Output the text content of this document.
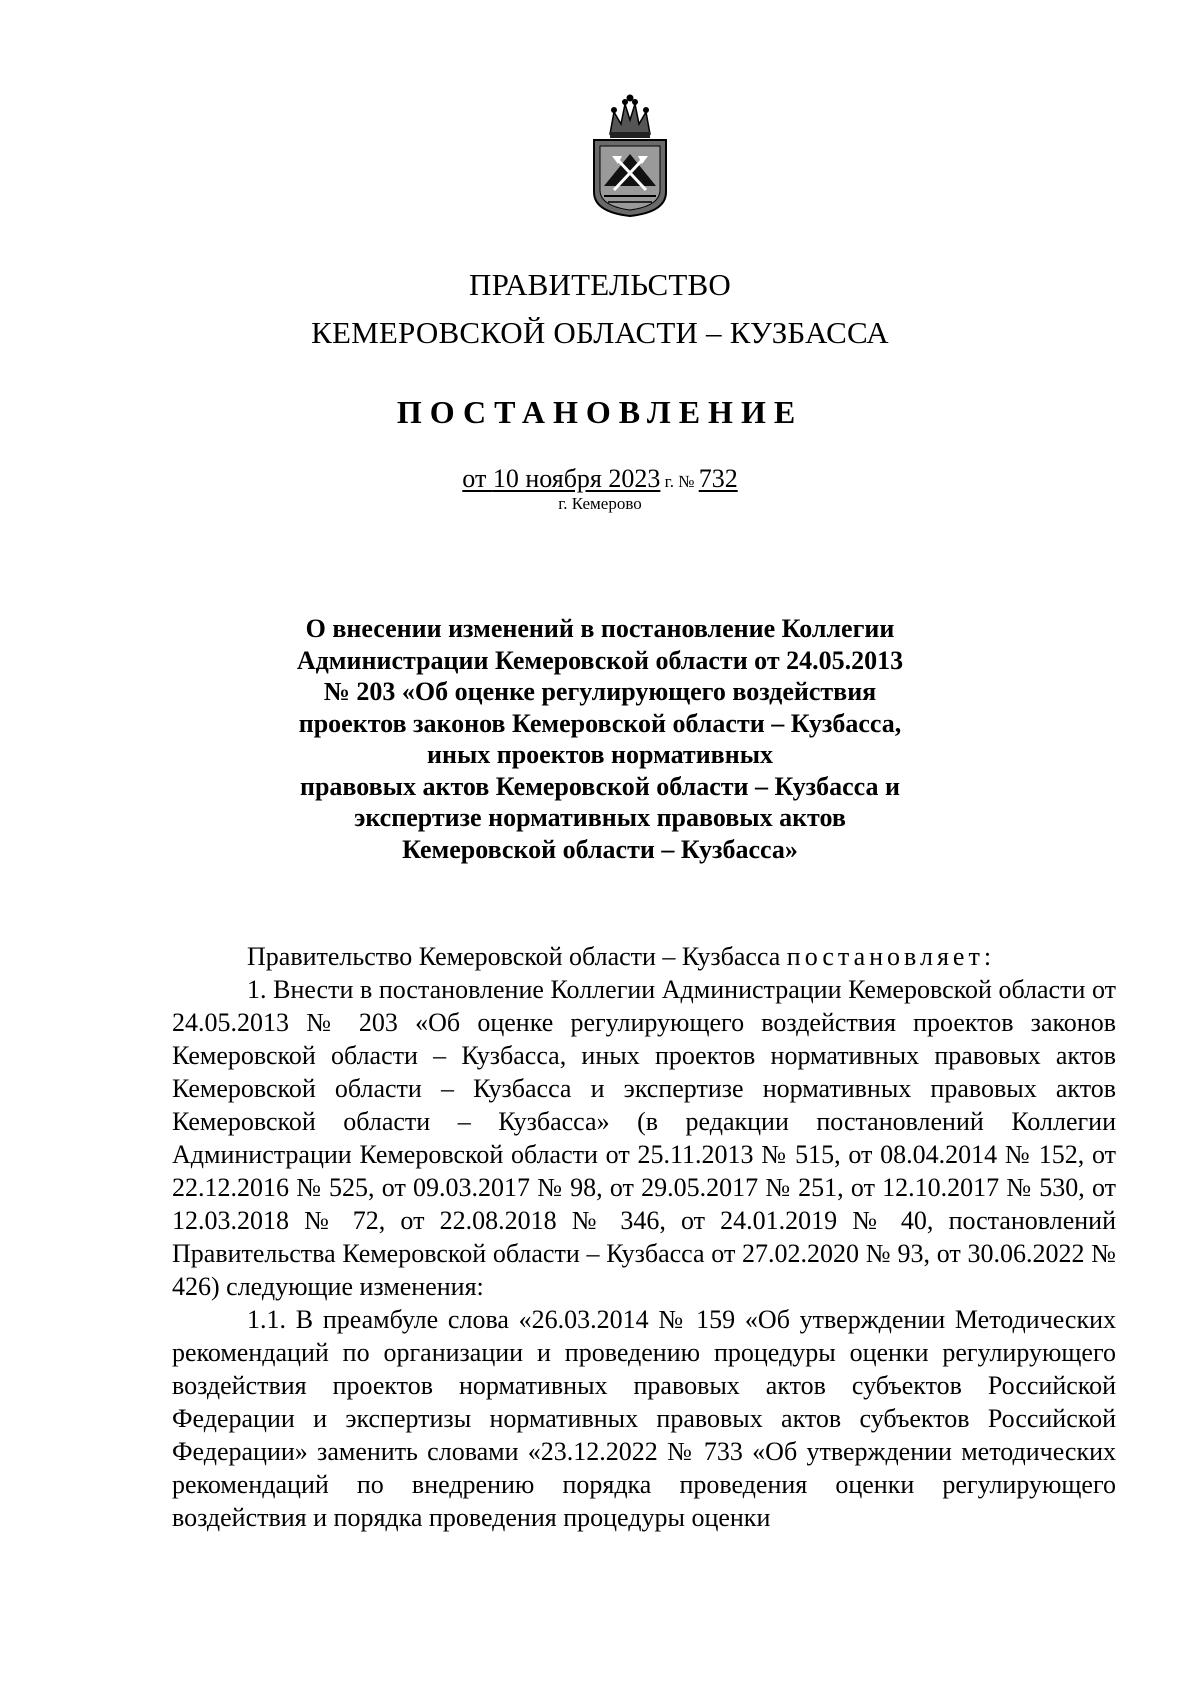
ПРАВИТЕЛЬСТВО
КЕМЕРОВСКОЙ ОБЛАСТИ – КУЗБАССА
ПОСТАНОВЛЕНИЕ
от 10 ноября 2023 г. № 732
г. Кемерово
О внесении изменений в постановление Коллегии
Администрации Кемеровской области от 24.05.2013
№ 203 «Об оценке регулирующего воздействия
проектов законов Кемеровской области – Кузбасса,
иных проектов нормативных
правовых актов Кемеровской области – Кузбасса и
экспертизе нормативных правовых актов
Кемеровской области – Кузбасса»

Правительство Кемеровской области – Кузбасса постановляет:

1. Внести в постановление Коллегии Администрации Кемеровской области от 24.05.2013 № 203 «Об оценке регулирующего воздействия проектов законов Кемеровской области – Кузбасса, иных проектов нормативных правовых актов Кемеровской области – Кузбасса и экспертизе нормативных правовых актов Кемеровской области – Кузбасса» (в редакции постановлений Коллегии Администрации Кемеровской области от 25.11.2013 № 515, от 08.04.2014 № 152, от 22.12.2016 № 525, от 09.03.2017 № 98, от 29.05.2017 № 251, от 12.10.2017 № 530, от 12.03.2018 № 72, от 22.08.2018 № 346, от 24.01.2019 № 40, постановлений Правительства Кемеровской области – Кузбасса от 27.02.2020 № 93, от 30.06.2022 № 426) следующие изменения:

1.1. В преамбуле слова «26.03.2014 № 159 «Об утверждении Методических рекомендаций по организации и проведению процедуры оценки регулирующего воздействия проектов нормативных правовых актов субъектов Российской Федерации и экспертизы нормативных правовых актов субъектов Российской Федерации» заменить словами «23.12.2022 № 733 «Об утверждении методических рекомендаций по внедрению порядка проведения оценки регулирующего воздействия и порядка проведения процедуры оценки
